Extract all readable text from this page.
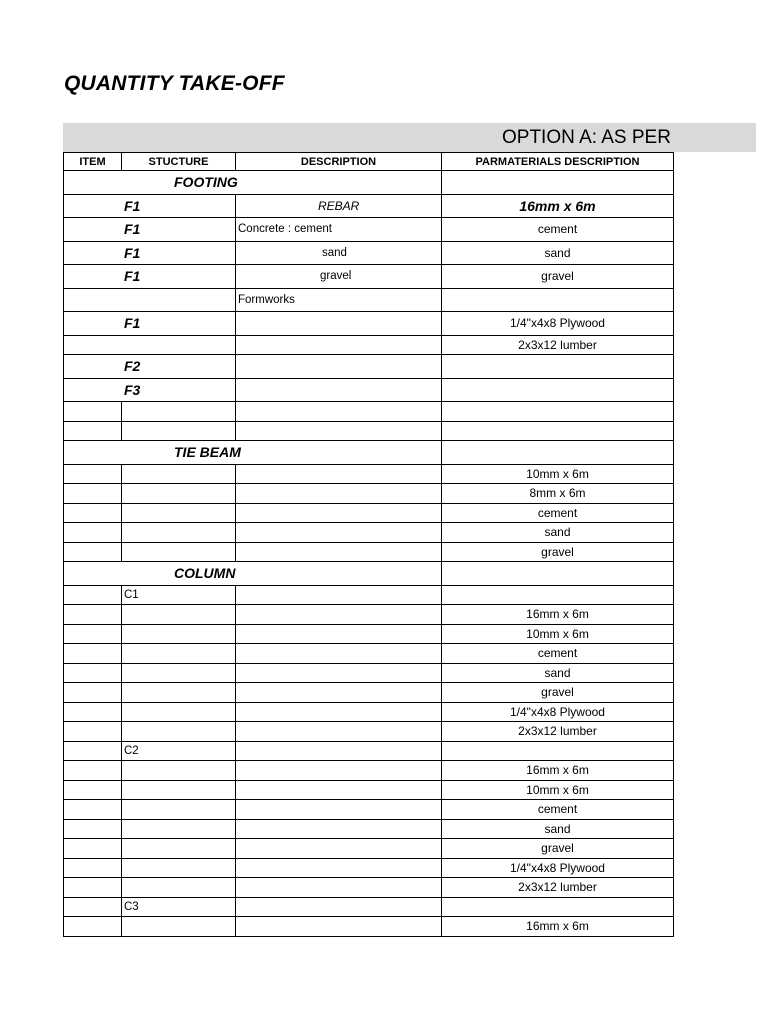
QUANTITY TAKE-OFF
OPTION A: AS PER
ITEM	STUCTURE	DESCRIPTION	PARMATERIALS DESCRIPTION
FOOTING			
F1		REBAR	16mm x 6m
F1		Concrete : cement	cement
F1		sand	sand
F1		gravel	gravel
		Formworks	
F1			1/4"x4x8 Plywood
			2x3x12 lumber
F2			
F3			

TIE BEAM			
			10mm x 6m
			8mm x 6m
			cement
			sand
			gravel
COLUMN			
	C1		
			16mm x 6m
			10mm x 6m
			cement
			sand
			gravel
			1/4"x4x8 Plywood
			2x3x12 lumber
	C2		
			16mm x 6m
			10mm x 6m
			cement
			sand
			gravel
			1/4"x4x8 Plywood
			2x3x12 lumber
	C3		
			16mm x 6m
